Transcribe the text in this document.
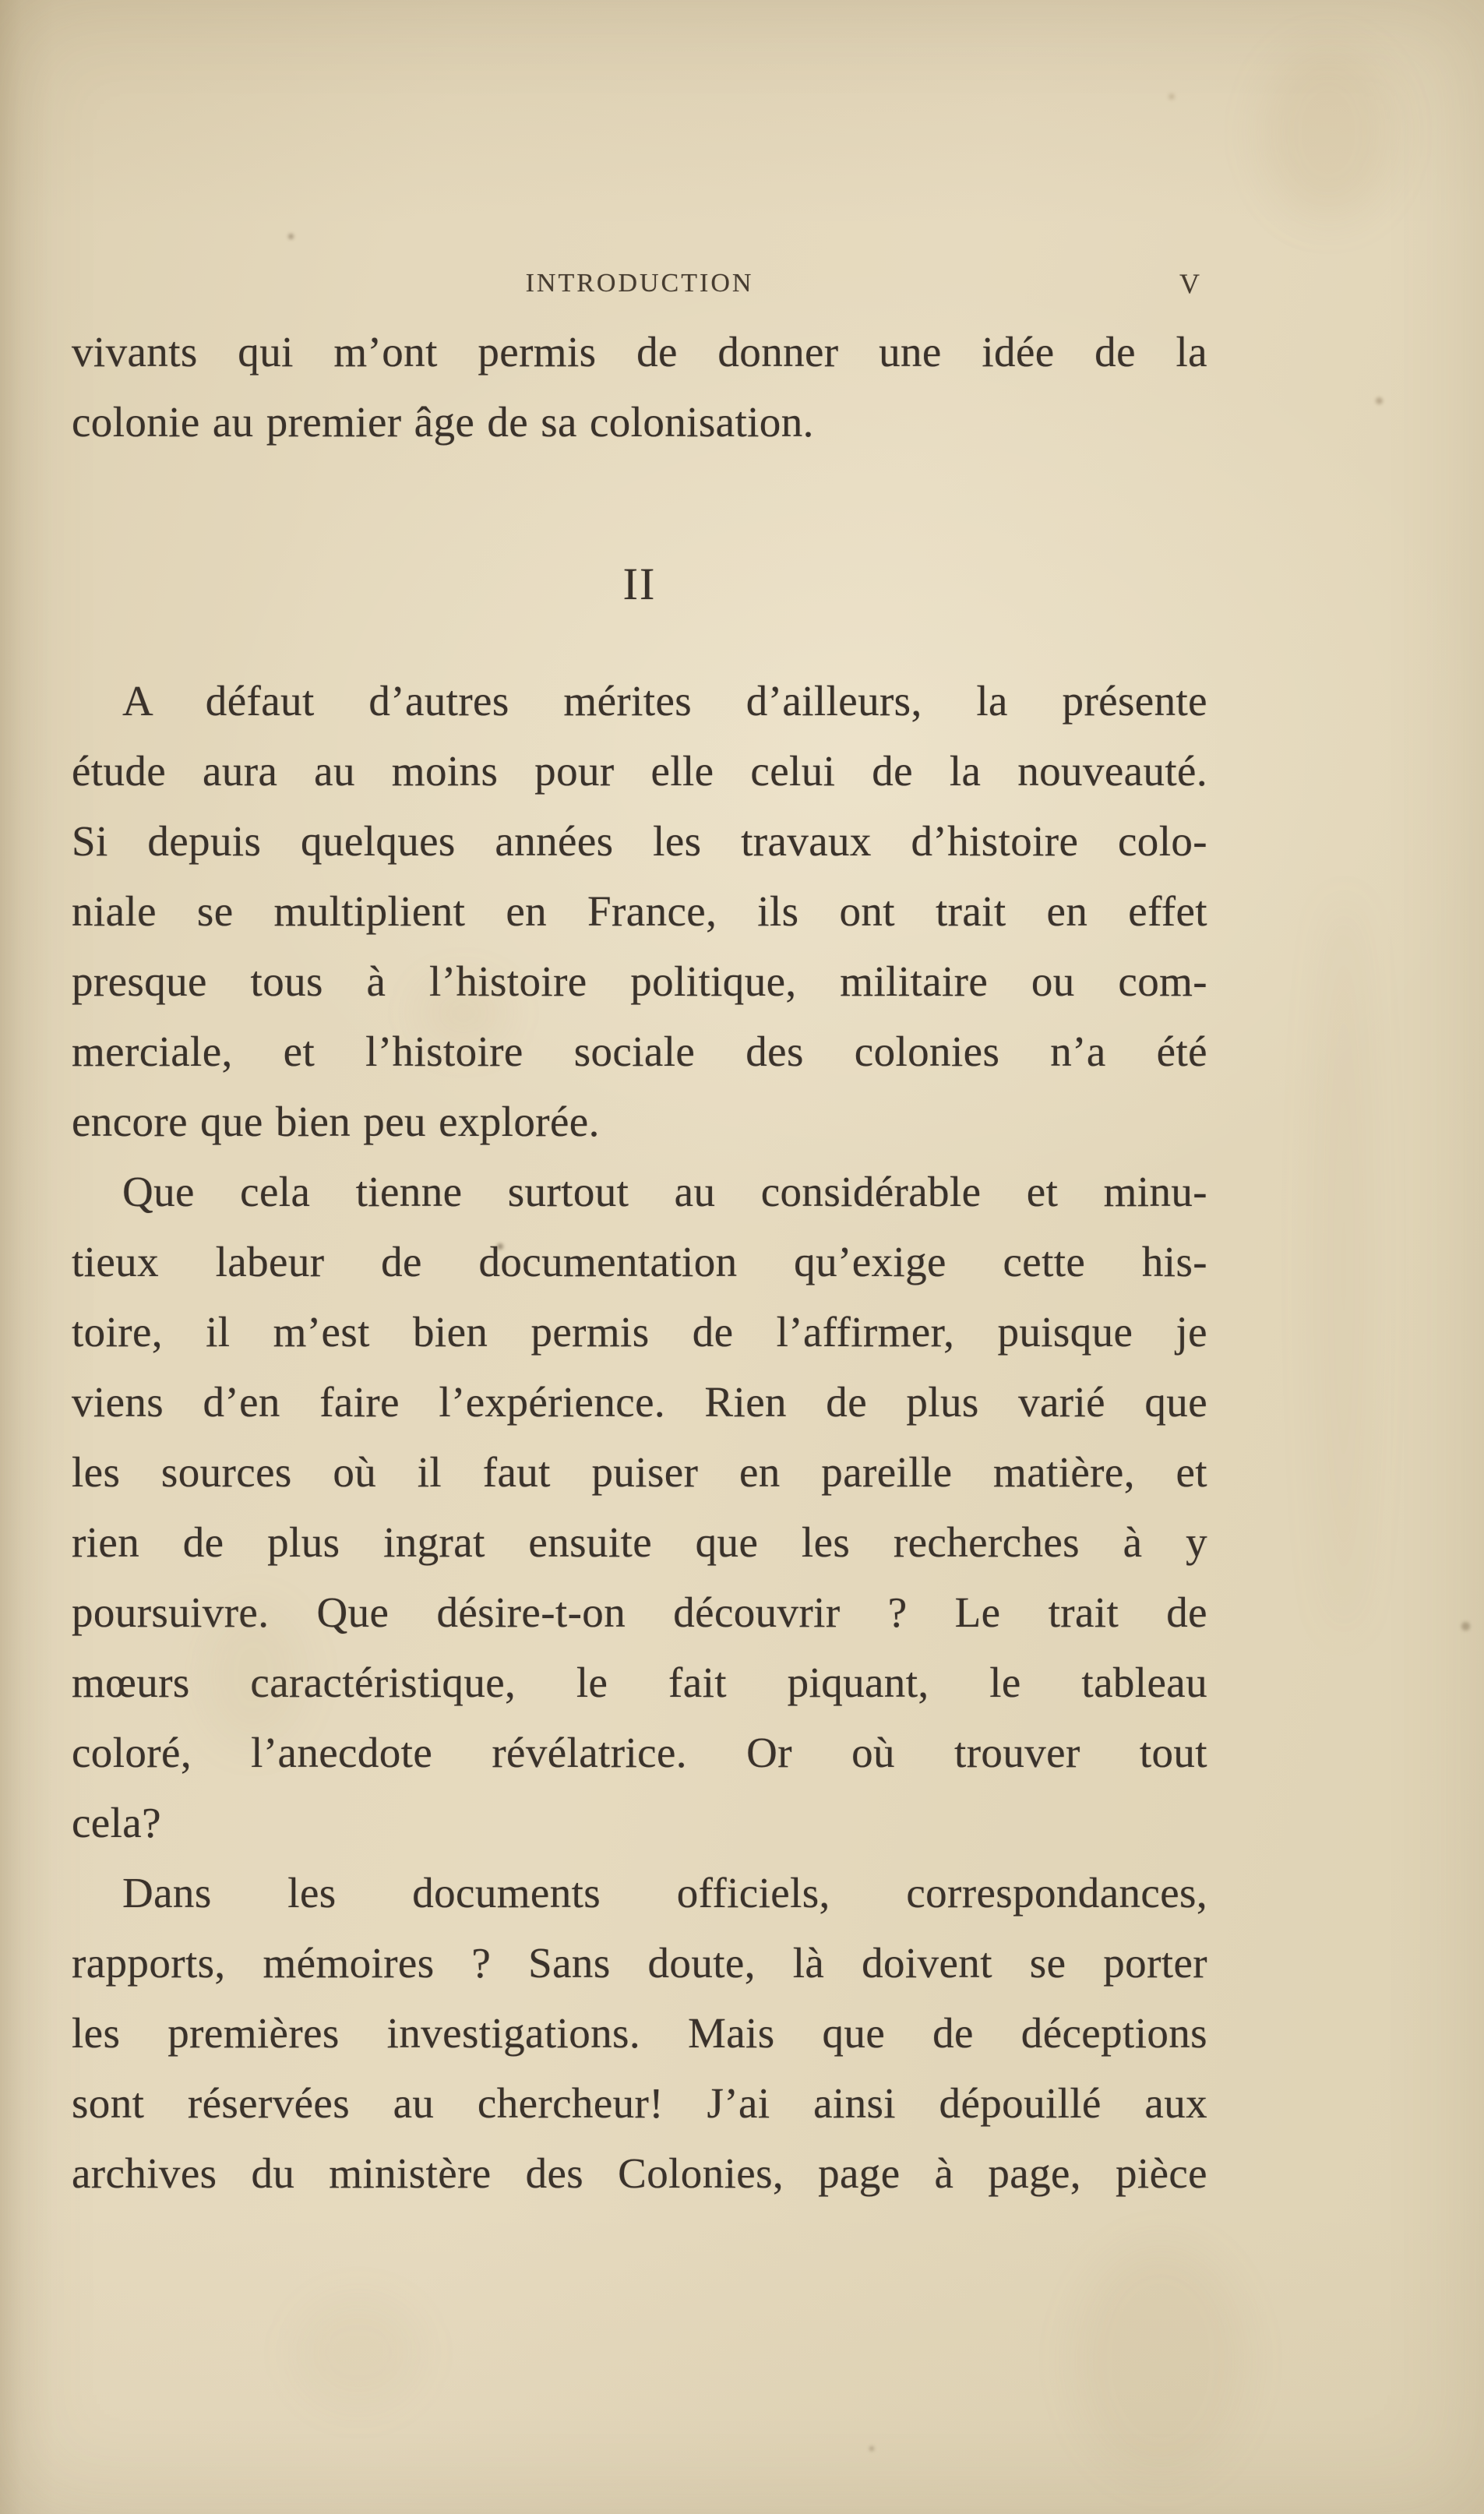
INTRODUCTION	V
vivants qui m’ont permis de donner une idée de la
colonie au premier âge de sa colonisation.
II
A défaut d’autres mérites d’ailleurs, la présente
étude aura au moins pour elle celui de la nouveauté.
Si depuis quelques années les travaux d’histoire colo-
niale se multiplient en France, ils ont trait en effet
presque tous à l’histoire politique, militaire ou com-
merciale, et l’histoire sociale des colonies n’a été
encore que bien peu explorée.
Que cela tienne surtout au considérable et minu-
tieux labeur de documentation qu’exige cette his-
toire, il m’est bien permis de l’affirmer, puisque je
viens d’en faire l’expérience. Rien de plus varié que
les sources où il faut puiser en pareille matière, et
rien de plus ingrat ensuite que les recherches à y
poursuivre. Que désire-t-on découvrir ? Le trait de
mœurs caractéristique, le fait piquant, le tableau
coloré, l’anecdote révélatrice. Or où trouver tout
cela?
Dans les documents officiels, correspondances,
rapports, mémoires ? Sans doute, là doivent se porter
les premières investigations. Mais que de déceptions
sont réservées au chercheur! J’ai ainsi dépouillé aux
archives du ministère des Colonies, page à page, pièce
